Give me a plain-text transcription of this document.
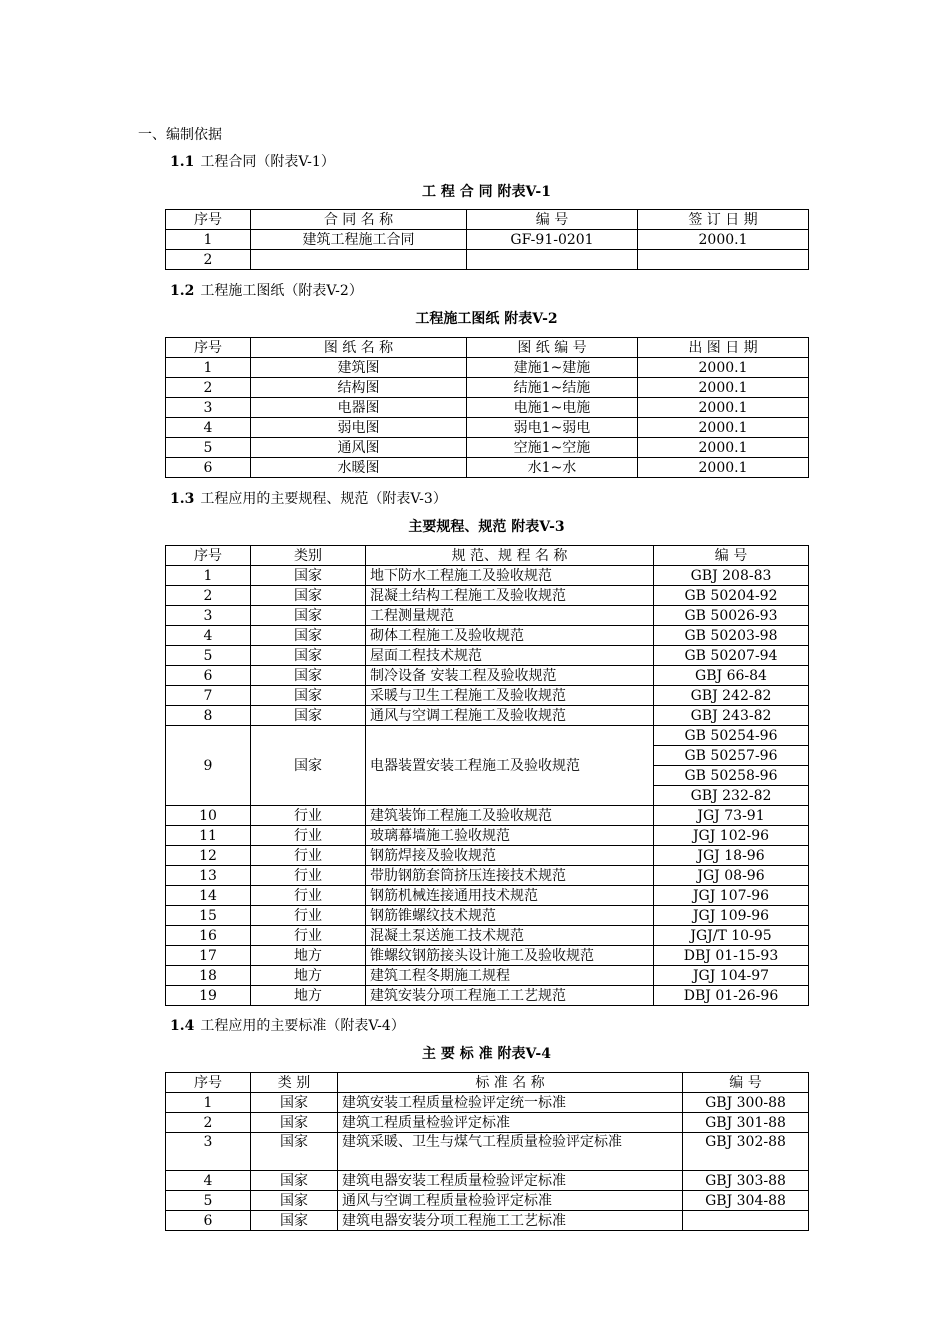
一、编制依据
1.1 工程合同（附表V-1）
工 程 合 同 附表V-1
序号	合 同 名 称	编 号	签 订 日 期
1	建筑工程施工合同	GF-91-0201	2000.1
2			
1.2 工程施工图纸（附表V-2）
工程施工图纸 附表V-2
序号	图 纸 名 称	图 纸 编 号	出 图 日 期
1	建筑图	建施1~建施	2000.1
2	结构图	结施1~结施	2000.1
3	电器图	电施1~电施	2000.1
4	弱电图	弱电1~弱电	2000.1
5	通风图	空施1~空施	2000.1
6	水暖图	水1~水	2000.1
1.3 工程应用的主要规程、规范（附表V-3）
主要规程、规范 附表V-3
序号	类别	规 范、规 程 名 称	编 号
1	国家	地下防水工程施工及验收规范	GBJ 208-83
2	国家	混凝土结构工程施工及验收规范	GB 50204-92
3	国家	工程测量规范	GB 50026-93
4	国家	砌体工程施工及验收规范	GB 50203-98
5	国家	屋面工程技术规范	GB 50207-94
6	国家	制冷设备 安装工程及验收规范	GBJ 66-84
7	国家	采暖与卫生工程施工及验收规范	GBJ 242-82
8	国家	通风与空调工程施工及验收规范	GBJ 243-82
9	国家	电器装置安装工程施工及验收规范	GB 50254-96
			GB 50257-96
			GB 50258-96
			GBJ 232-82
10	行业	建筑装饰工程施工及验收规范	JGJ 73-91
11	行业	玻璃幕墙施工验收规范	JGJ 102-96
12	行业	钢筋焊接及验收规范	JGJ 18-96
13	行业	带肋钢筋套筒挤压连接技术规范	JGJ 08-96
14	行业	钢筋机械连接通用技术规范	JGJ 107-96
15	行业	钢筋锥螺纹技术规范	JGJ 109-96
16	行业	混凝土泵送施工技术规范	JGJ/T 10-95
17	地方	锥螺纹钢筋接头设计施工及验收规范	DBJ 01-15-93
18	地方	建筑工程冬期施工规程	JGJ 104-97
19	地方	建筑安装分项工程施工工艺规范	DBJ 01-26-96
1.4 工程应用的主要标准（附表V-4）
主 要 标 准 附表V-4
序号	类 别	标 准 名 称	编 号
1	国家	建筑安装工程质量检验评定统一标准	GBJ 300-88
2	国家	建筑工程质量检验评定标准	GBJ 301-88
3	国家	建筑采暖、卫生与煤气工程质量检验评定标准	GBJ 302-88
4	国家	建筑电器安装工程质量检验评定标准	GBJ 303-88
5	国家	通风与空调工程质量检验评定标准	GBJ 304-88
6	国家	建筑电器安装分项工程施工工艺标准	
